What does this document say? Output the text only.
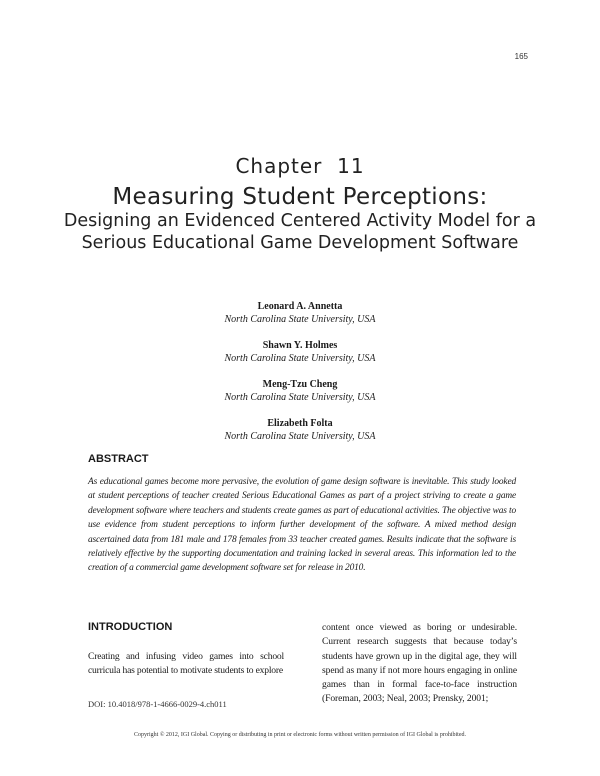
165
Chapter  11
Measuring Student Perceptions:
Designing an Evidenced Centered Activity Model for a Serious Educational Game Development Software
Leonard A. Annetta
North Carolina State University, USA
Shawn Y. Holmes
North Carolina State University, USA
Meng-Tzu Cheng
North Carolina State University, USA
Elizabeth Folta
North Carolina State University, USA
ABSTRACT
As educational games become more pervasive, the evolution of game design software is inevitable. This study looked at student perceptions of teacher created Serious Educational Games as part of a project striving to create a game development software where teachers and students create games as part of educational activities. The objective was to use evidence from student perceptions to inform further development of the software. A mixed method design ascertained data from 181 male and 178 females from 33 teacher created games. Results indicate that the software is relatively effective by the supporting documentation and training lacked in several areas. This information led to the creation of a commercial game development software set for release in 2010.
INTRODUCTION
Creating and infusing video games into school curricula has potential to motivate students to explore
content once viewed as boring or undesirable. Current research suggests that because today’s students have grown up in the digital age, they will spend as many if not more hours engaging in online games than in formal face-to-face instruction (Foreman, 2003; Neal, 2003; Prensky, 2001;
DOI: 10.4018/978-1-4666-0029-4.ch011
Copyright © 2012, IGI Global. Copying or distributing in print or electronic forms without written permission of IGI Global is prohibited.
